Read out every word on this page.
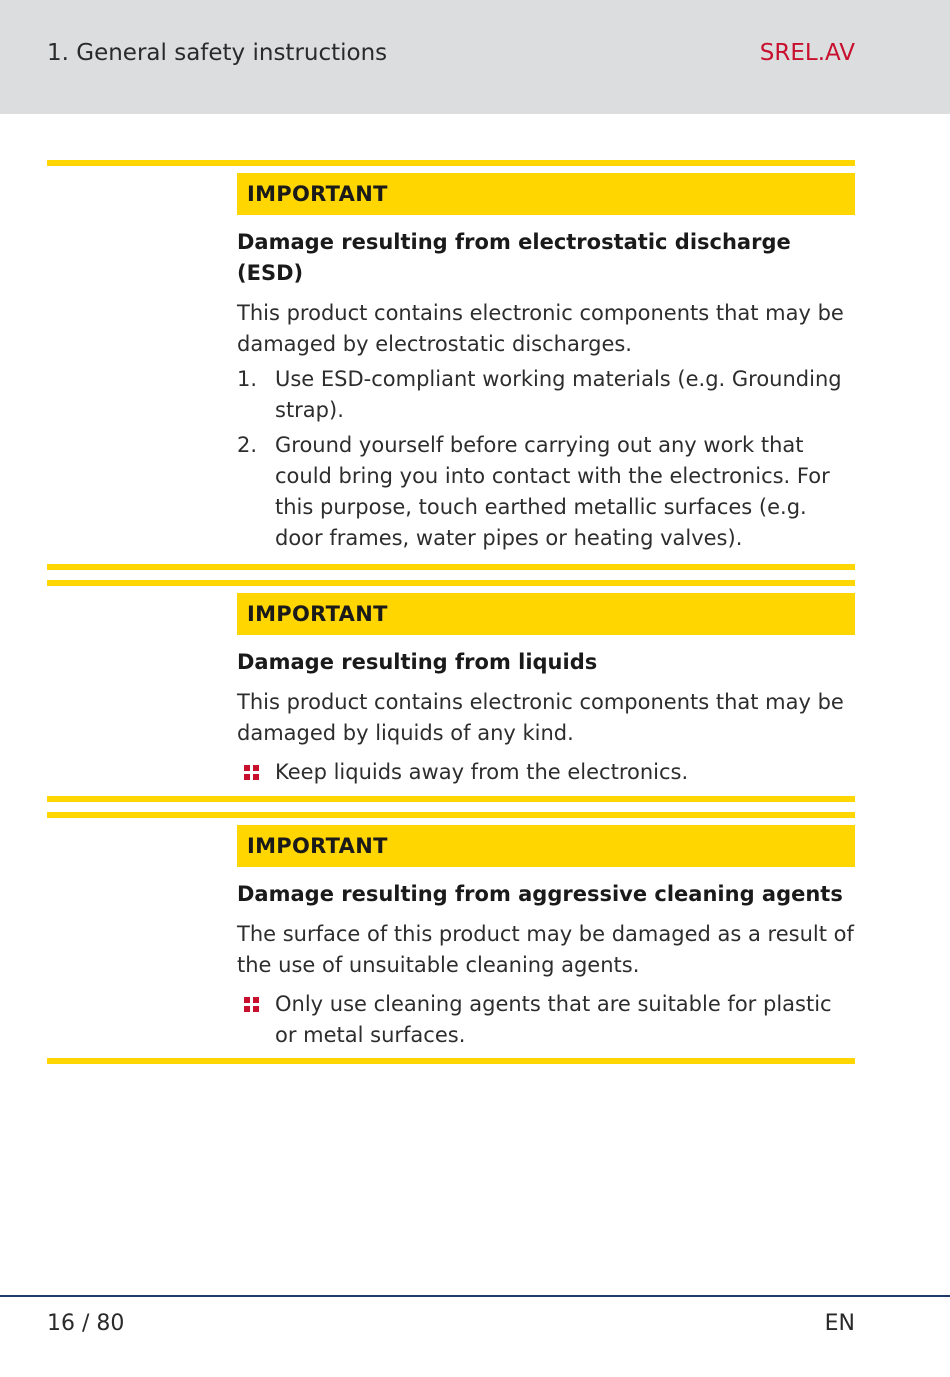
1. General safety instructions	SREL.AV
IMPORTANT
Damage resulting from electrostatic discharge (ESD)
This product contains electronic components that may be damaged by electrostatic discharges.
1. Use ESD-compliant working materials (e.g. Grounding strap).
2. Ground yourself before carrying out any work that could bring you into contact with the electronics. For this purpose, touch earthed metallic surfaces (e.g. door frames, water pipes or heating valves).
IMPORTANT
Damage resulting from liquids
This product contains electronic components that may be damaged by liquids of any kind.
Keep liquids away from the electronics.
IMPORTANT
Damage resulting from aggressive cleaning agents
The surface of this product may be damaged as a result of the use of unsuitable cleaning agents.
Only use cleaning agents that are suitable for plastic or metal surfaces.
16 / 80	EN
